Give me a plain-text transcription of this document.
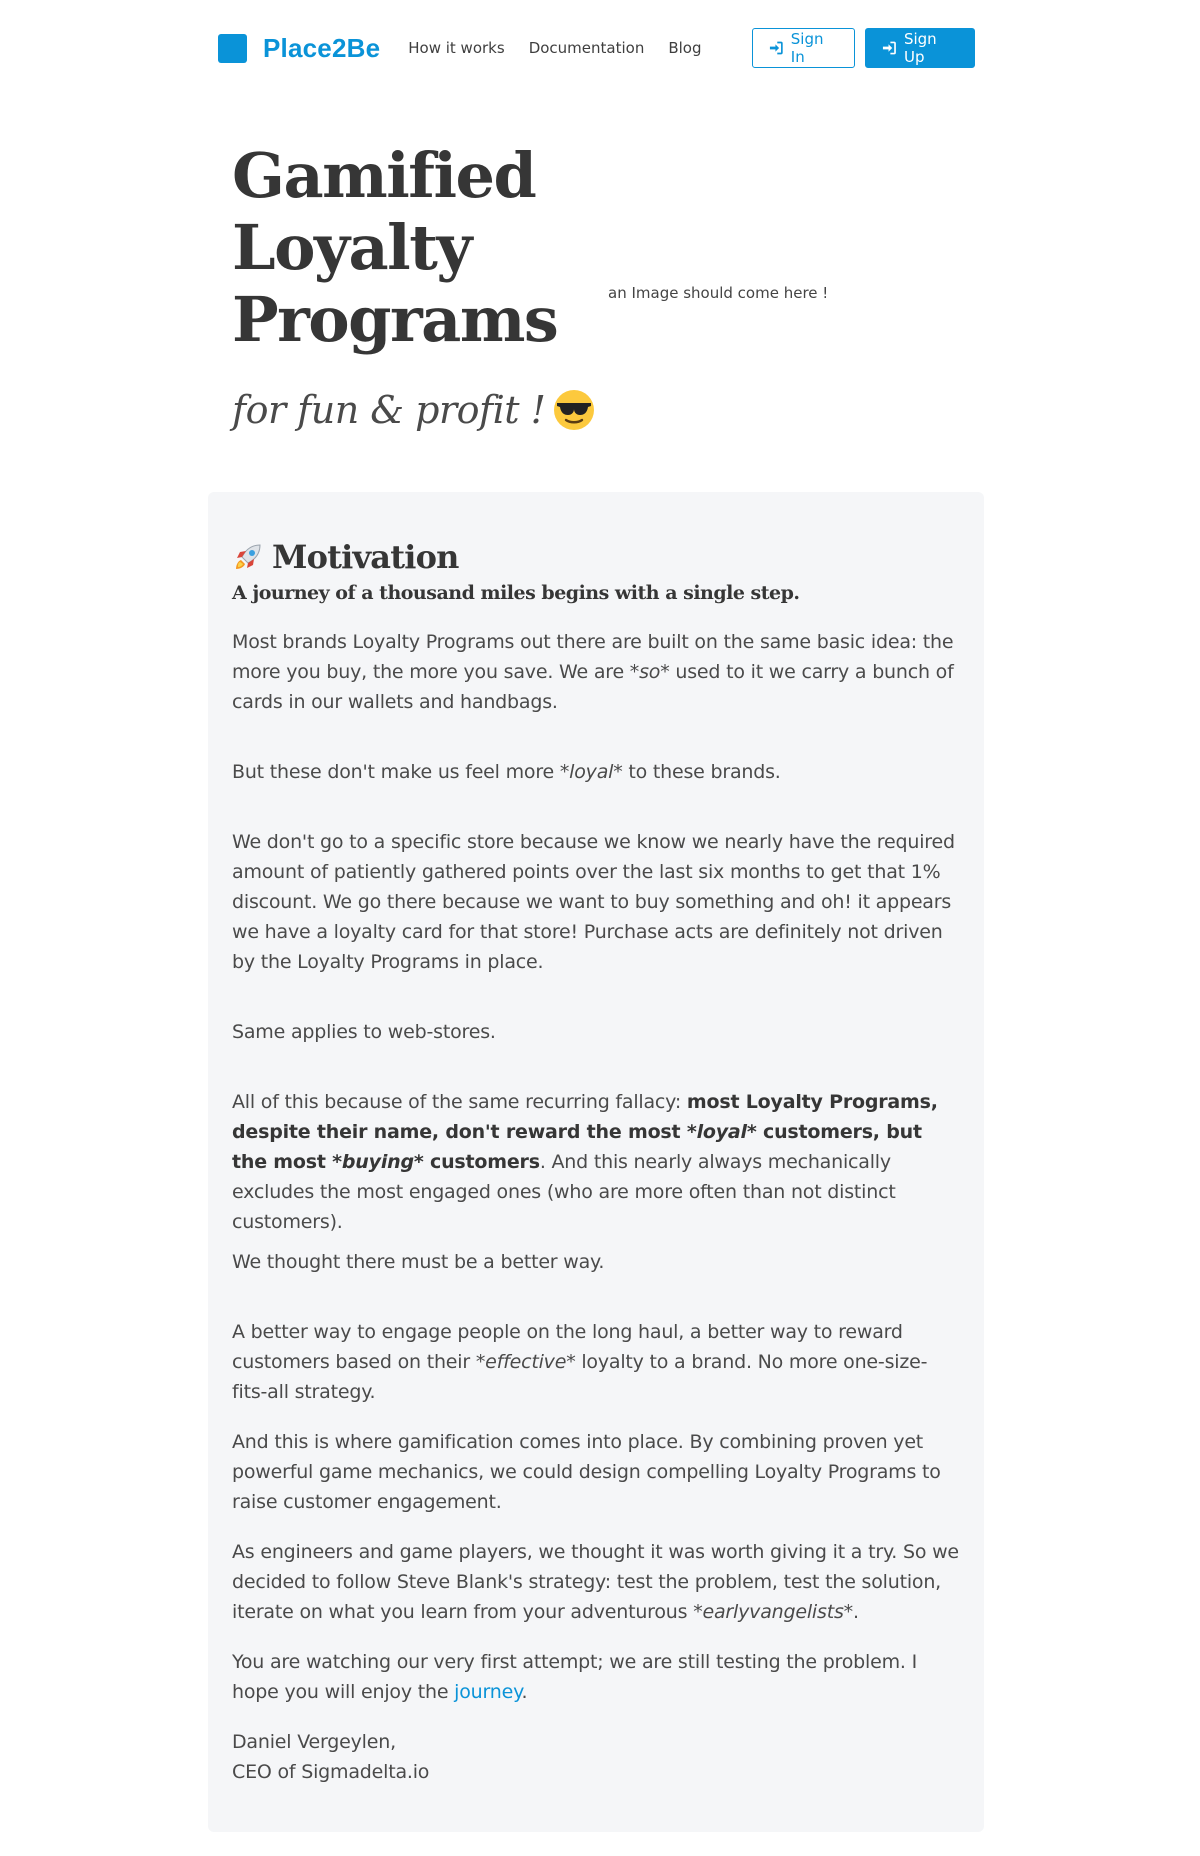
Place2Be How it works Documentation Blog	Sign In
Sign Up
Gamified
Loyalty
Programs
for fun & profit !
an Image should come here !
Motivation
A journey of a thousand miles begins with a single step.

Most brands Loyalty Programs out there are built on the same basic idea: the more you buy, the more you save. We are *so* used to it we carry a bunch of cards in our wallets and handbags.

But these don't make us feel more *loyal* to these brands.

We don't go to a specific store because we know we nearly have the required amount of patiently gathered points over the last six months to get that 1% discount. We go there because we want to buy something and oh! it appears we have a loyalty card for that store! Purchase acts are definitely not driven by the Loyalty Programs in place.

Same applies to web-stores.

All of this because of the same recurring fallacy: most Loyalty Programs, despite their name, don't reward the most *loyal* customers, but the most *buying* customers. And this nearly always mechanically excludes the most engaged ones (who are more often than not distinct customers).

We thought there must be a better way.

A better way to engage people on the long haul, a better way to reward customers based on their *effective* loyalty to a brand. No more one-size-fits-all strategy.

And this is where gamification comes into place. By combining proven yet powerful game mechanics, we could design compelling Loyalty Programs to raise customer engagement.

As engineers and game players, we thought it was worth giving it a try. So we decided to follow Steve Blank's strategy: test the problem, test the solution, iterate on what you learn from your adventurous *earlyvangelists*.

You are watching our very first attempt; we are still testing the problem. I hope you will enjoy the journey.

Daniel Vergeylen,
CEO of Sigmadelta.io
